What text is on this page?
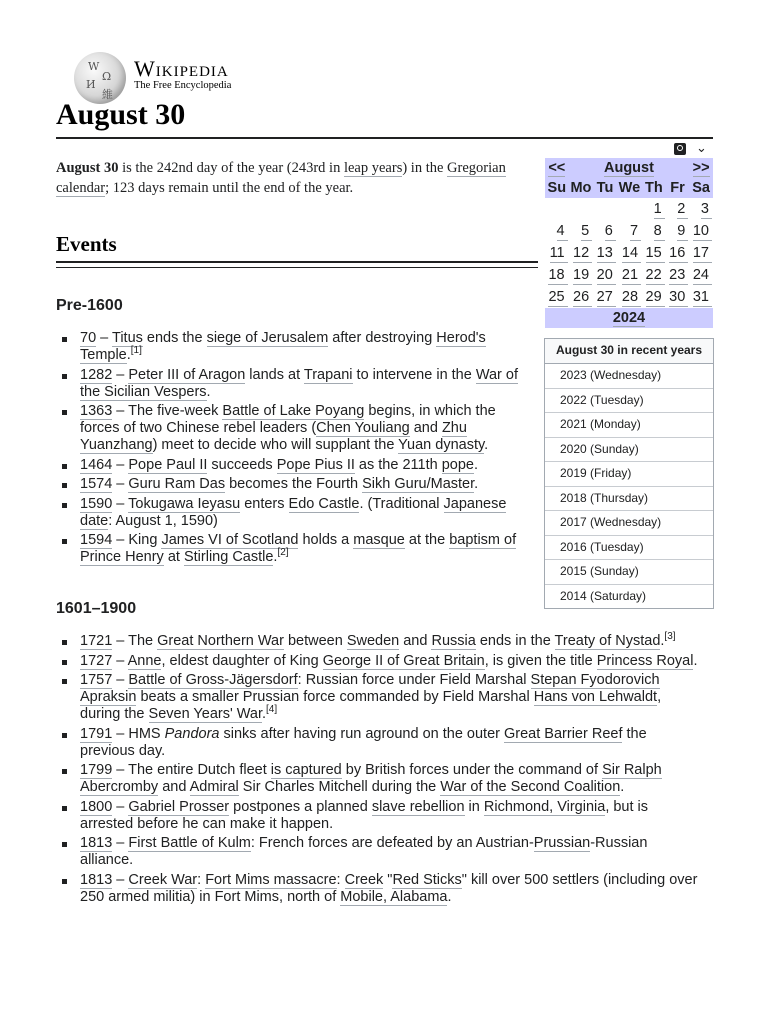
W
Ω
И
維
Wikipedia
The Free Encyclopedia
August 30
⌄
August 30 is the 242nd day of the year (243rd in leap years) in the Gregorian calendar; 123 days remain until the end of the year.
<<	August					>>
Su	Mo	Tu	We	Th	Fr	Sa
				1	2	3
4	5	6	7	8	9	10
11	12	13	14	15	16	17
18	19	20	21	22	23	24
25	26	27	28	29	30	31
2024						
August 30 in recent years
2023 (Wednesday)
2022 (Tuesday)
2021 (Monday)
2020 (Sunday)
2019 (Friday)
2018 (Thursday)
2017 (Wednesday)
2016 (Tuesday)
2015 (Sunday)
2014 (Saturday)
Events
Pre-1600
70 – Titus ends the siege of Jerusalem after destroying Herod's Temple.[1]
1282 – Peter III of Aragon lands at Trapani to intervene in the War of the Sicilian Vespers.
1363 – The five-week Battle of Lake Poyang begins, in which the forces of two Chinese rebel leaders (Chen Youliang and Zhu Yuanzhang) meet to decide who will supplant the Yuan dynasty.
1464 – Pope Paul II succeeds Pope Pius II as the 211th pope.
1574 – Guru Ram Das becomes the Fourth Sikh Guru/Master.
1590 – Tokugawa Ieyasu enters Edo Castle. (Traditional Japanese date: August 1, 1590)
1594 – King James VI of Scotland holds a masque at the baptism of Prince Henry at Stirling Castle.[2]
1601–1900
1721 – The Great Northern War between Sweden and Russia ends in the Treaty of Nystad.[3]
1727 – Anne, eldest daughter of King George II of Great Britain, is given the title Princess Royal.
1757 – Battle of Gross-Jägersdorf: Russian force under Field Marshal Stepan Fyodorovich Apraksin beats a smaller Prussian force commanded by Field Marshal Hans von Lehwaldt, during the Seven Years' War.[4]
1791 – HMS Pandora sinks after having run aground on the outer Great Barrier Reef the previous day.
1799 – The entire Dutch fleet is captured by British forces under the command of Sir Ralph Abercromby and Admiral Sir Charles Mitchell during the War of the Second Coalition.
1800 – Gabriel Prosser postpones a planned slave rebellion in Richmond, Virginia, but is arrested before he can make it happen.
1813 – First Battle of Kulm: French forces are defeated by an Austrian-Prussian-Russian alliance.
1813 – Creek War: Fort Mims massacre: Creek "Red Sticks" kill over 500 settlers (including over 250 armed militia) in Fort Mims, north of Mobile, Alabama.
